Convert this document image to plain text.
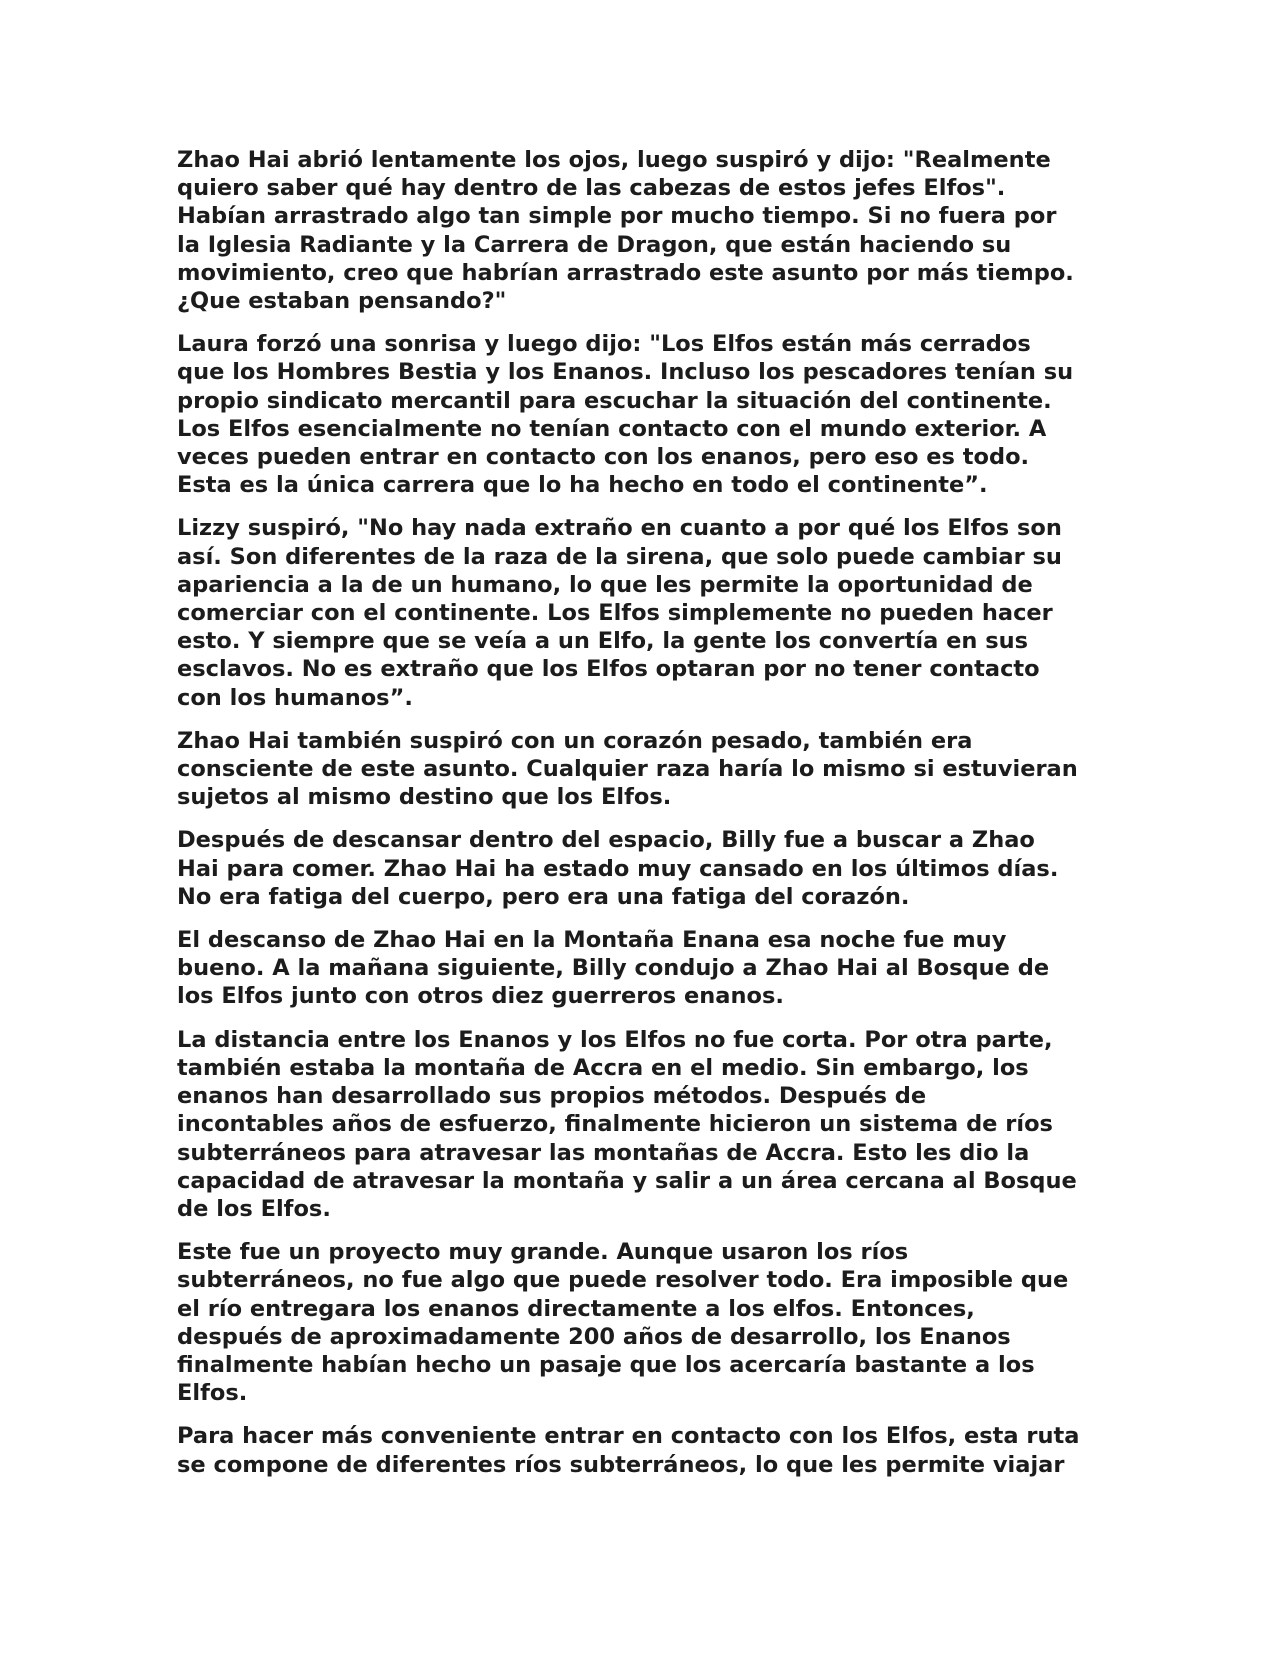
Zhao Hai abrió lentamente los ojos, luego suspiró y dijo: "Realmente
quiero saber qué hay dentro de las cabezas de estos jefes Elfos".
Habían arrastrado algo tan simple por mucho tiempo. Si no fuera por
la Iglesia Radiante y la Carrera de Dragon, que están haciendo su
movimiento, creo que habrían arrastrado este asunto por más tiempo.
¿Que estaban pensando?"

Laura forzó una sonrisa y luego dijo: "Los Elfos están más cerrados
que los Hombres Bestia y los Enanos. Incluso los pescadores tenían su
propio sindicato mercantil para escuchar la situación del continente.
Los Elfos esencialmente no tenían contacto con el mundo exterior. A
veces pueden entrar en contacto con los enanos, pero eso es todo.
Esta es la única carrera que lo ha hecho en todo el continente”.

Lizzy suspiró, "No hay nada extraño en cuanto a por qué los Elfos son
así. Son diferentes de la raza de la sirena, que solo puede cambiar su
apariencia a la de un humano, lo que les permite la oportunidad de
comerciar con el continente. Los Elfos simplemente no pueden hacer
esto. Y siempre que se veía a un Elfo, la gente los convertía en sus
esclavos. No es extraño que los Elfos optaran por no tener contacto
con los humanos”.

Zhao Hai también suspiró con un corazón pesado, también era
consciente de este asunto. Cualquier raza haría lo mismo si estuvieran
sujetos al mismo destino que los Elfos.

Después de descansar dentro del espacio, Billy fue a buscar a Zhao
Hai para comer. Zhao Hai ha estado muy cansado en los últimos días.
No era fatiga del cuerpo, pero era una fatiga del corazón.

El descanso de Zhao Hai en la Montaña Enana esa noche fue muy
bueno. A la mañana siguiente, Billy condujo a Zhao Hai al Bosque de
los Elfos junto con otros diez guerreros enanos.

La distancia entre los Enanos y los Elfos no fue corta. Por otra parte,
también estaba la montaña de Accra en el medio. Sin embargo, los
enanos han desarrollado sus propios métodos. Después de
incontables años de esfuerzo, finalmente hicieron un sistema de ríos
subterráneos para atravesar las montañas de Accra. Esto les dio la
capacidad de atravesar la montaña y salir a un área cercana al Bosque
de los Elfos.

Este fue un proyecto muy grande. Aunque usaron los ríos
subterráneos, no fue algo que puede resolver todo. Era imposible que
el río entregara los enanos directamente a los elfos. Entonces,
después de aproximadamente 200 años de desarrollo, los Enanos
finalmente habían hecho un pasaje que los acercaría bastante a los
Elfos.

Para hacer más conveniente entrar en contacto con los Elfos, esta ruta
se compone de diferentes ríos subterráneos, lo que les permite viajar
